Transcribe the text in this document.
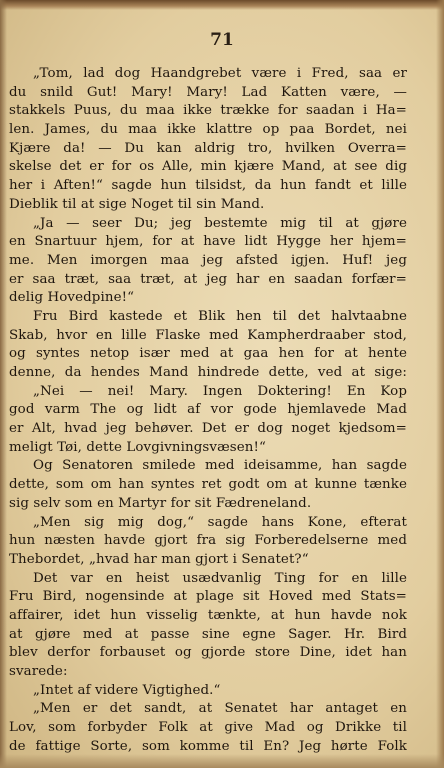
71
„Tom, lad dog Haandgrebet være i Fred, saa er
du snild Gut! Mary! Mary! Lad Katten være, —
stakkels Puus, du maa ikke trække for saadan i Ha=
len. James, du maa ikke klattre op paa Bordet, nei
Kjære da! — Du kan aldrig tro, hvilken Overra=
skelse det er for os Alle, min kjære Mand, at see dig
her i Aften!“ sagde hun tilsidst, da hun fandt et lille
Dieblik til at sige Noget til sin Mand.
„Ja — seer Du; jeg bestemte mig til at gjøre
en Snartuur hjem, for at have lidt Hygge her hjem=
me. Men imorgen maa jeg afsted igjen. Huf! jeg
er saa træt, saa træt, at jeg har en saadan forfær=
delig Hovedpine!“
Fru Bird kastede et Blik hen til det halvtaabne
Skab, hvor en lille Flaske med Kampherdraaber stod,
og syntes netop især med at gaa hen for at hente
denne, da hendes Mand hindrede dette, ved at sige:
„Nei — nei! Mary. Ingen Doktering! En Kop
god varm The og lidt af vor gode hjemlavede Mad
er Alt, hvad jeg behøver. Det er dog noget kjedsom=
meligt Tøi, dette Lovgivningsvæsen!“
Og Senatoren smilede med ideisamme, han sagde
dette, som om han syntes ret godt om at kunne tænke
sig selv som en Martyr for sit Fædreneland.
„Men sig mig dog,“ sagde hans Kone, efterat
hun næsten havde gjort fra sig Forberedelserne med
Thebordet, „hvad har man gjort i Senatet?“
Det var en heist usædvanlig Ting for en lille
Fru Bird, nogensinde at plage sit Hoved med Stats=
affairer, idet hun visselig tænkte, at hun havde nok
at gjøre med at passe sine egne Sager. Hr. Bird
blev derfor forbauset og gjorde store Dine, idet han
svarede:
„Intet af videre Vigtighed.“
„Men er det sandt, at Senatet har antaget en
Lov, som forbyder Folk at give Mad og Drikke til
de fattige Sorte, som komme til En? Jeg hørte Folk
